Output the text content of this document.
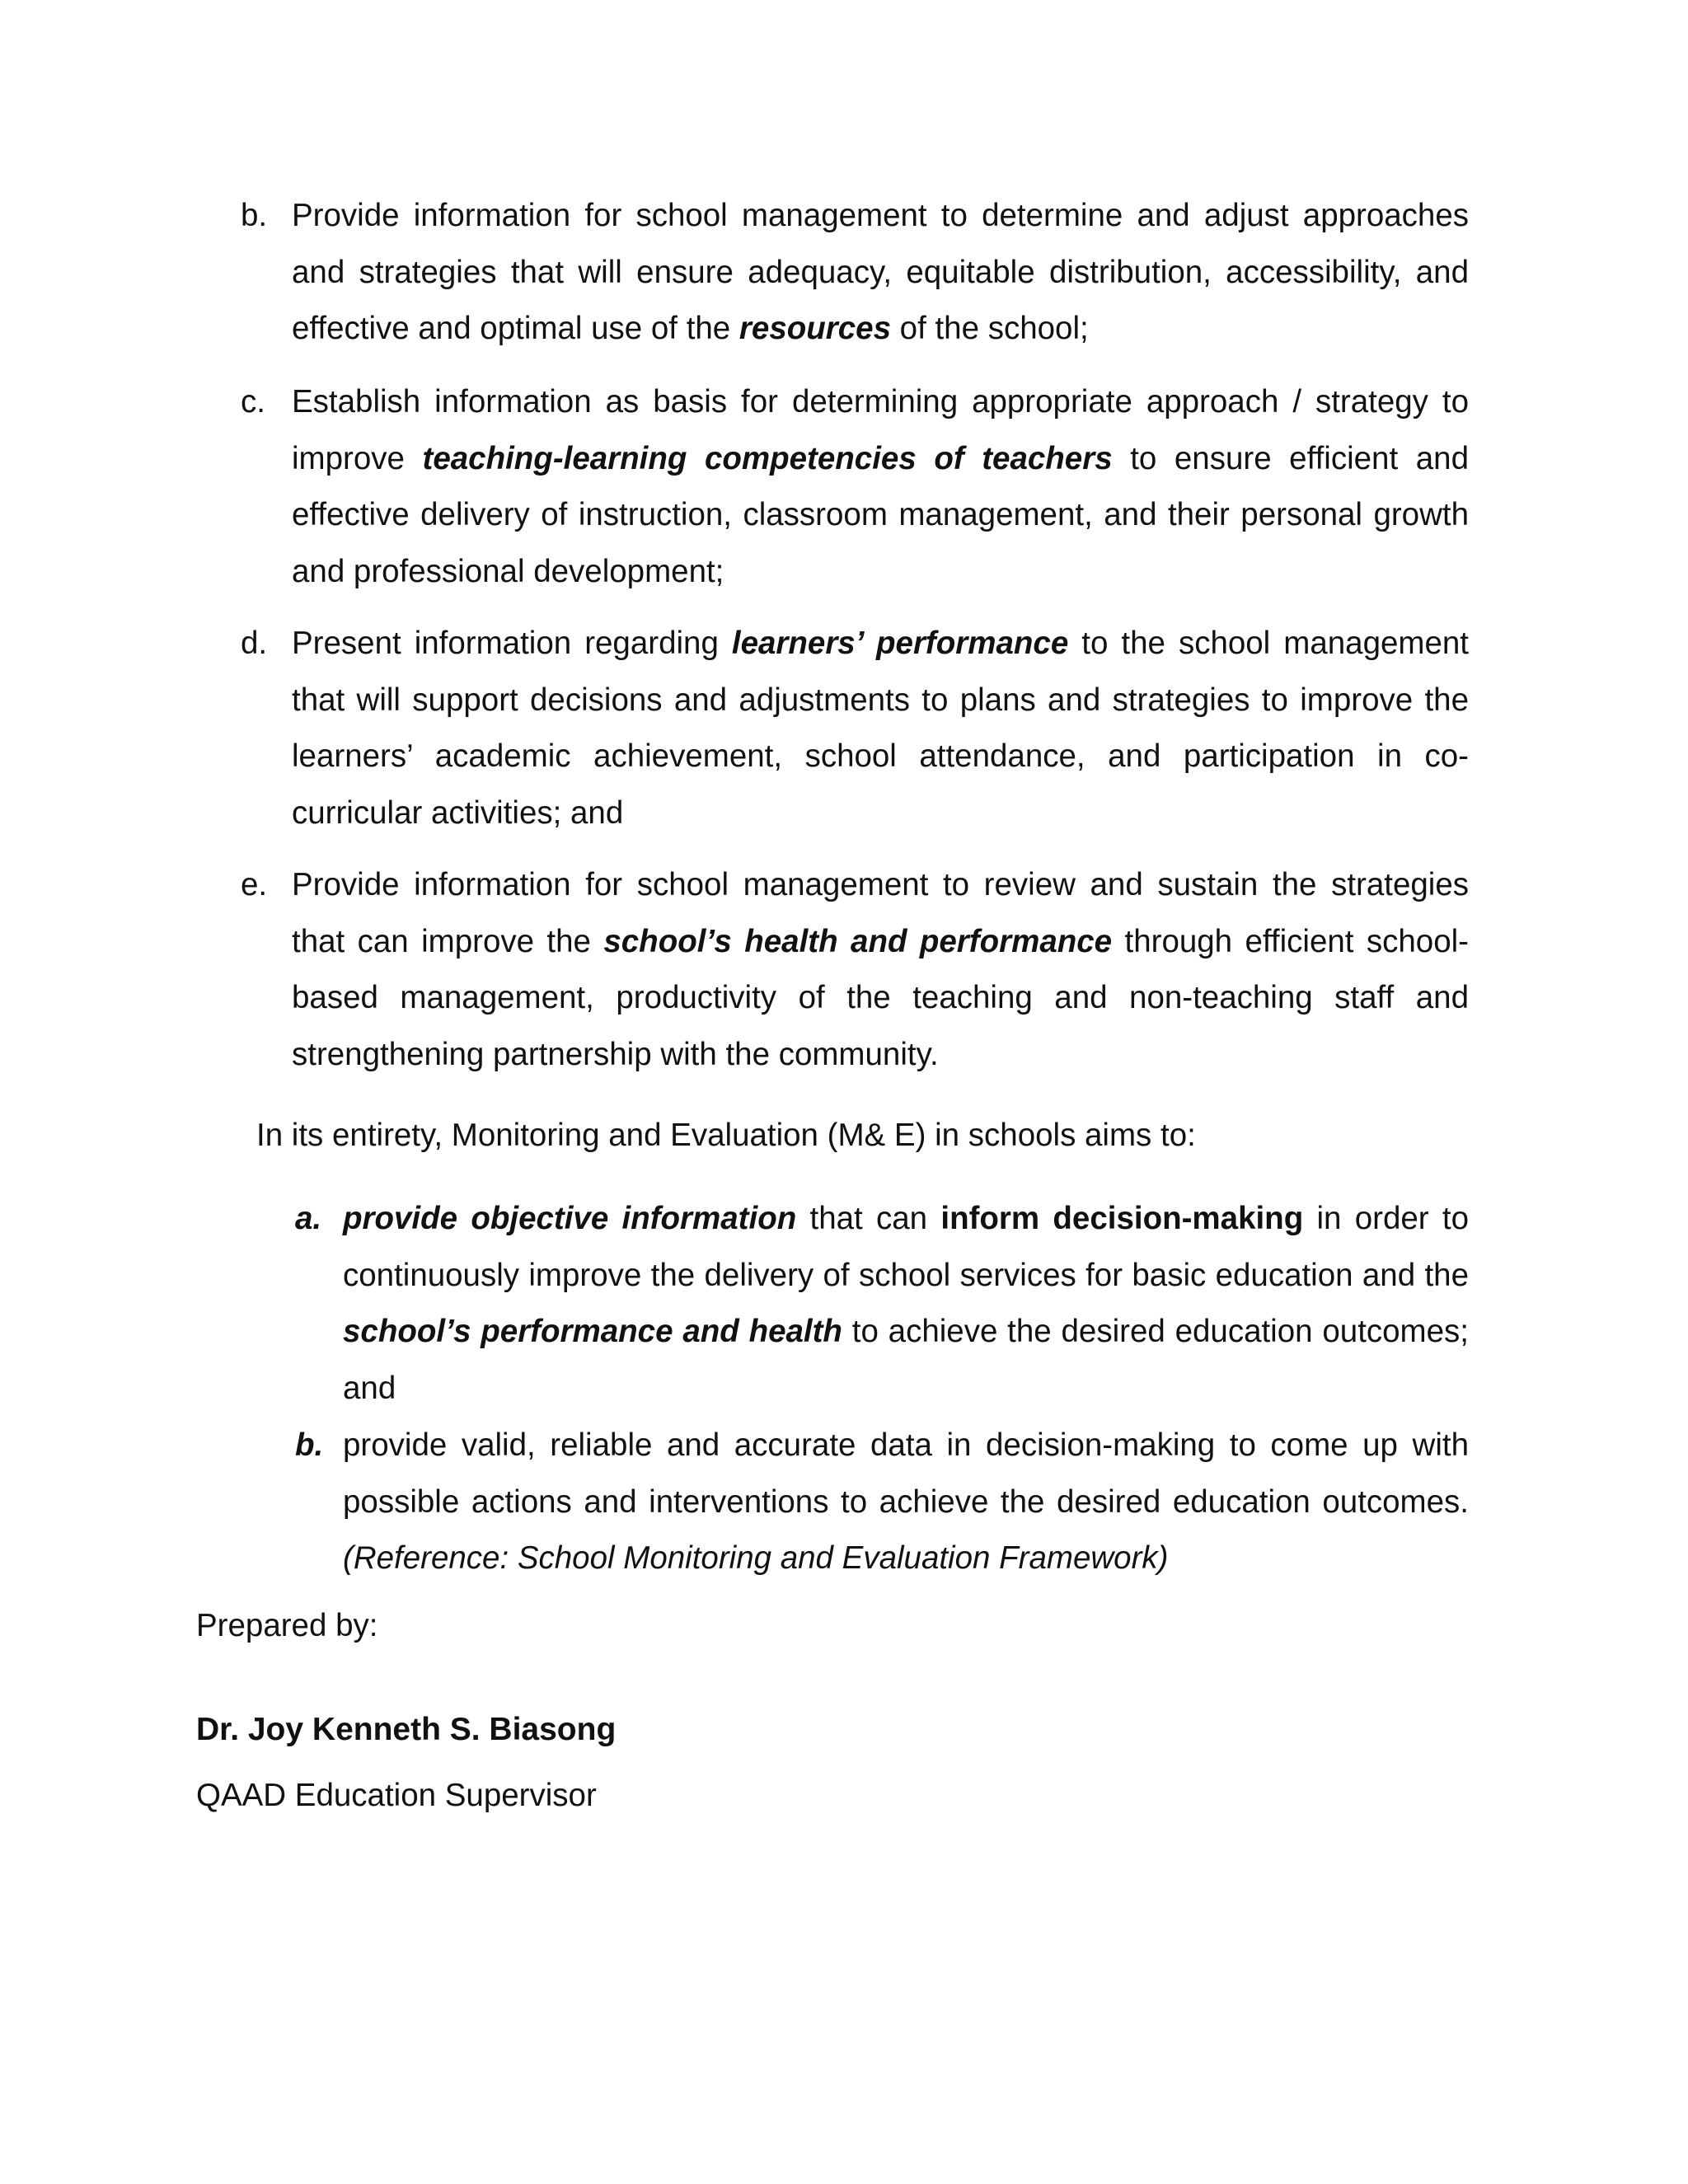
b. Provide information for school management to determine and adjust approaches and strategies that will ensure adequacy, equitable distribution, accessibility, and effective and optimal use of the resources of the school;
c. Establish information as basis for determining appropriate approach / strategy to improve teaching-learning competencies of teachers to ensure efficient and effective delivery of instruction, classroom management, and their personal growth and professional development;
d. Present information regarding learners’ performance to the school management that will support decisions and adjustments to plans and strategies to improve the learners’ academic achievement, school attendance, and participation in co-curricular activities; and
e. Provide information for school management to review and sustain the strategies that can improve the school’s health and performance through efficient school-based management, productivity of the teaching and non-teaching staff and strengthening partnership with the community.
In its entirety, Monitoring and Evaluation (M& E) in schools aims to:
a. provide objective information that can inform decision-making in order to continuously improve the delivery of school services for basic education and the school’s performance and health to achieve the desired education outcomes; and
b. provide valid, reliable and accurate data in decision-making to come up with possible actions and interventions to achieve the desired education outcomes. (Reference: School Monitoring and Evaluation Framework)
Prepared by:
Dr. Joy Kenneth S. Biasong
QAAD Education Supervisor
